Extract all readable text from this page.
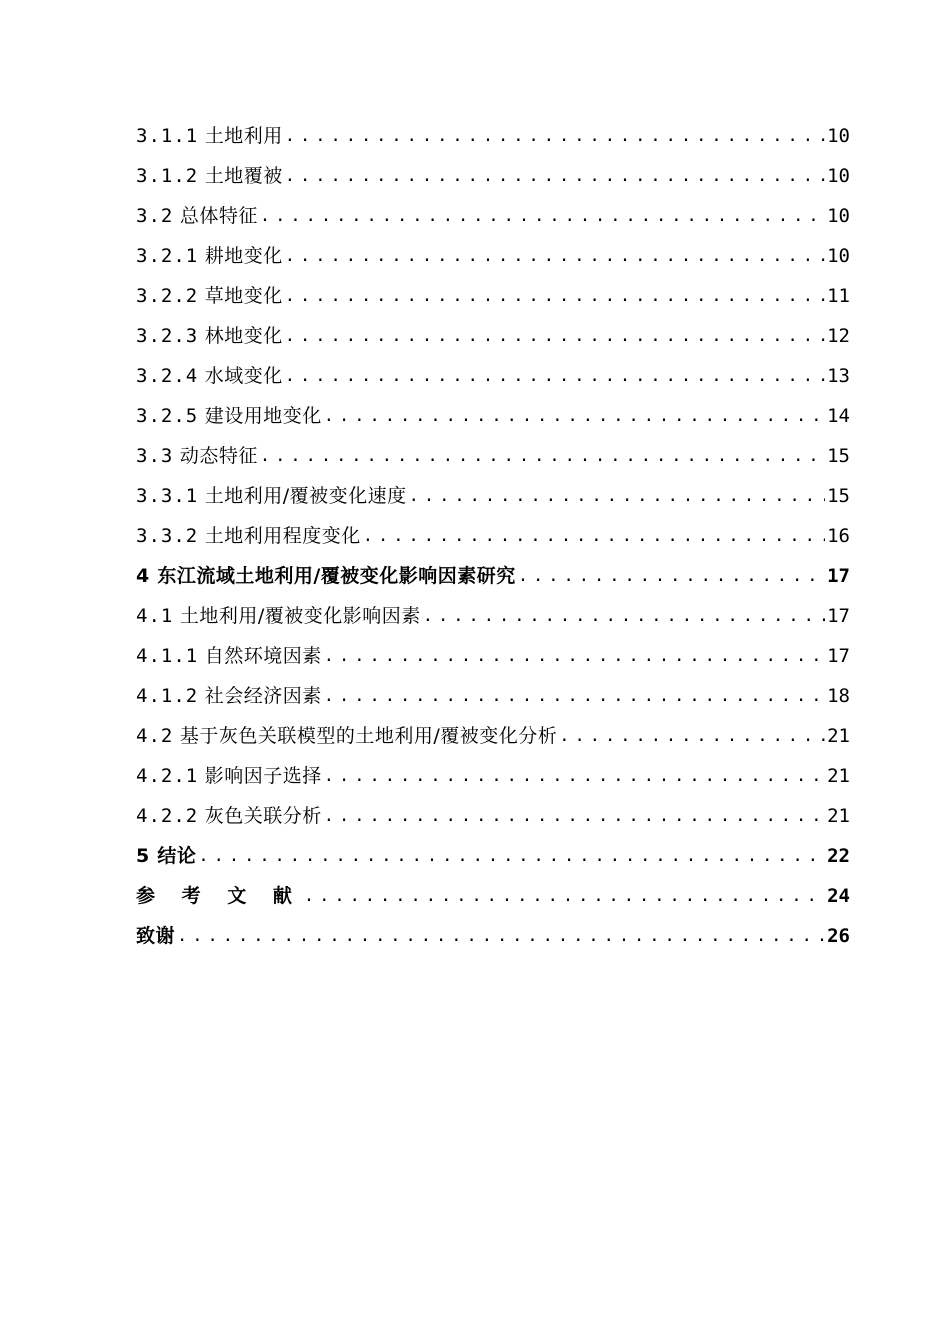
3.1.1 土地利用 .....	10
3.1.2 土地覆被 .....	10
3.2 总体特征 .....	10
3.2.1 耕地变化 .....	10
3.2.2 草地变化 .....	11
3.2.3 林地变化 .....	12
3.2.4 水域变化 .....	13
3.2.5 建设用地变化 .....	14
3.3 动态特征 .....	15
3.3.1 土地利用/覆被变化速度 .....	15
3.3.2 土地利用程度变化 .....	16
4 东江流域土地利用/覆被变化影响因素研究 .....	17
4.1 土地利用/覆被变化影响因素 .....	17
4.1.1 自然环境因素 .....	17
4.1.2 社会经济因素 .....	18
4.2 基于灰色关联模型的土地利用/覆被变化分析 .....	21
4.2.1 影响因子选择 .....	21
4.2.2 灰色关联分析 .....	21
5 结论 .....	22
参 考 文 献 .....	24
致谢 .....	26
